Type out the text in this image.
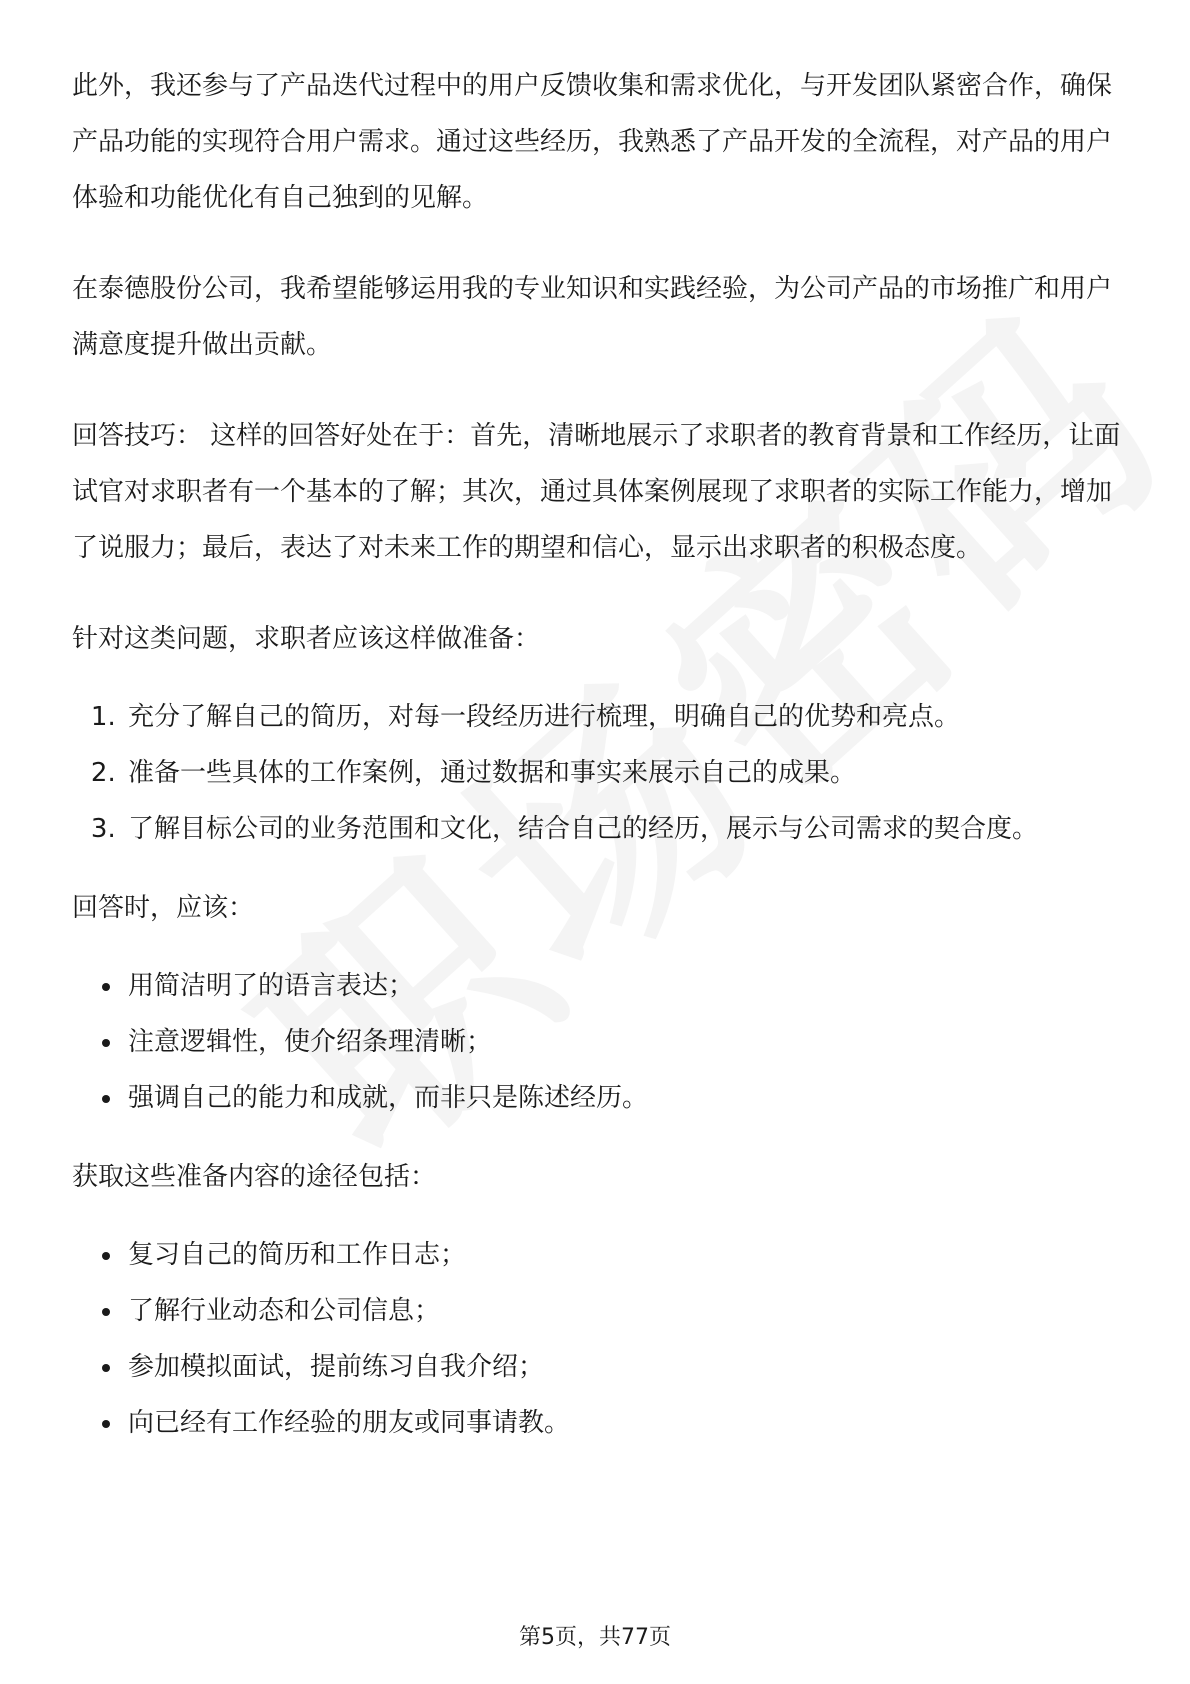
此外，我还参与了产品迭代过程中的用户反馈收集和需求优化，与开发团队紧密合作，确保产品功能的实现符合用户需求。通过这些经历，我熟悉了产品开发的全流程，对产品的用户体验和功能优化有自己独到的见解。

在泰德股份公司，我希望能够运用我的专业知识和实践经验，为公司产品的市场推广和用户满意度提升做出贡献。

回答技巧： 这样的回答好处在于：首先，清晰地展示了求职者的教育背景和工作经历，让面试官对求职者有一个基本的了解；其次，通过具体案例展现了求职者的实际工作能力，增加了说服力；最后，表达了对未来工作的期望和信心，显示出求职者的积极态度。

针对这类问题，求职者应该这样做准备：

1. 充分了解自己的简历，对每一段经历进行梳理，明确自己的优势和亮点。
2. 准备一些具体的工作案例，通过数据和事实来展示自己的成果。
3. 了解目标公司的业务范围和文化，结合自己的经历，展示与公司需求的契合度。

回答时，应该：

• 用简洁明了的语言表达；
• 注意逻辑性，使介绍条理清晰；
• 强调自己的能力和成就，而非只是陈述经历。

获取这些准备内容的途径包括：

• 复习自己的简历和工作日志；
• 了解行业动态和公司信息；
• 参加模拟面试，提前练习自我介绍；
• 向已经有工作经验的朋友或同事请教。
第5页，共77页
